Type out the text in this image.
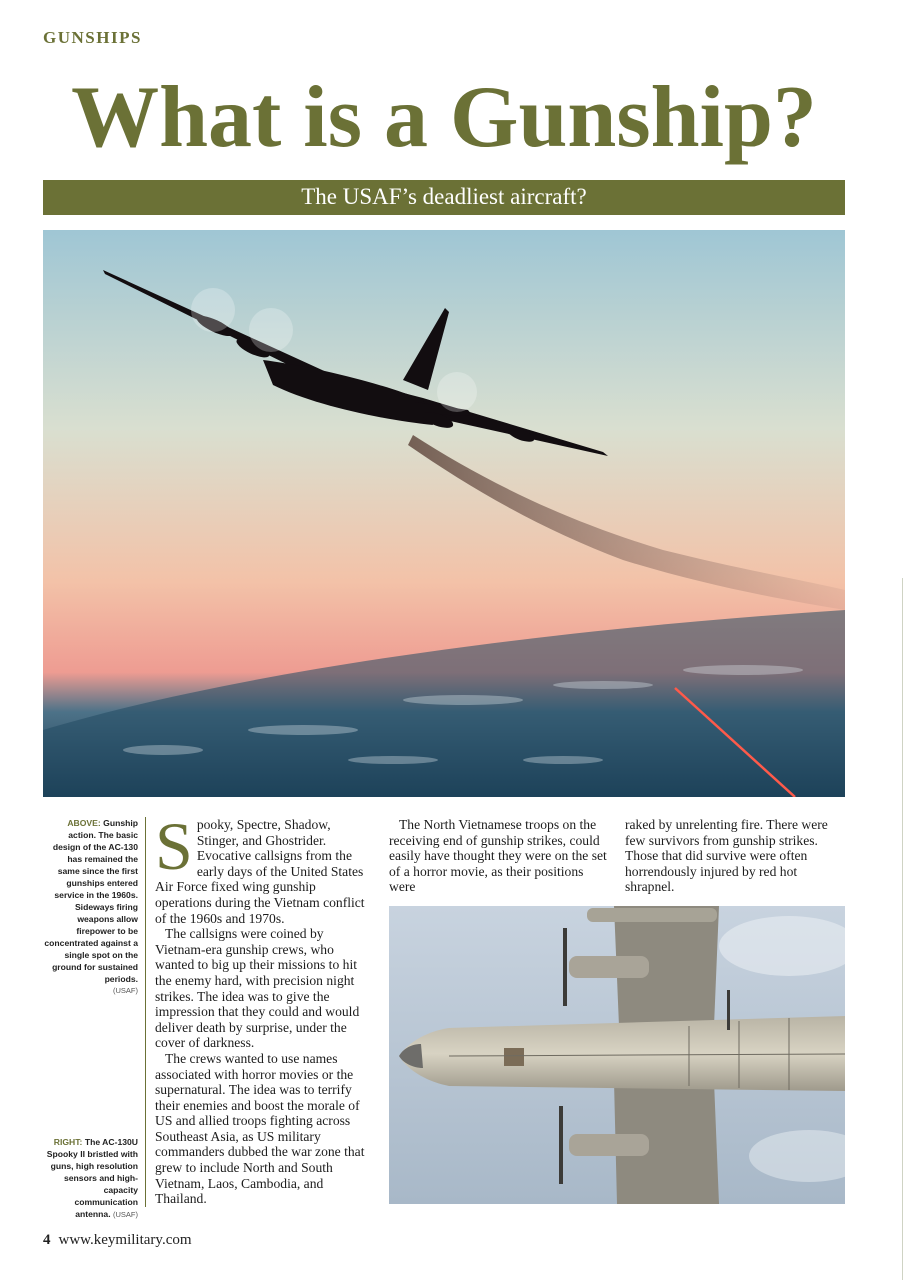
GUNSHIPS
What is a Gunship?
The USAF’s deadliest aircraft?
ABOVE: Gunship action. The basic design of the AC-130 has remained the same since the first gunships entered service in the 1960s. Sideways firing weapons allow firepower to be concentrated against a single spot on the ground for sustained periods.
(USAF)
RIGHT: The AC-130U Spooky II bristled with guns, high resolution sensors and high-capacity communication antenna. (USAF)

Spooky, Spectre, Shadow, Stinger, and Ghostrider. Evocative callsigns from the early days of the United States Air Force fixed wing gunship operations during the Vietnam conflict of the 1960s and 1970s.

The callsigns were coined by Vietnam-era gunship crews, who wanted to big up their missions to hit the enemy hard, with precision night strikes. The idea was to give the impression that they could and would deliver death by surprise, under the cover of darkness.

The crews wanted to use names associated with horror movies or the supernatural. The idea was to terrify their enemies and boost the morale of US and allied troops fighting across Southeast Asia, as US military commanders dubbed the war zone that grew to include North and South Vietnam, Laos, Cambodia, and Thailand.

The North Vietnamese troops on the receiving end of gunship strikes, could easily have thought they were on the set of a horror movie, as their positions were

raked by unrelenting fire. There were few survivors from gunship strikes. Those that did survive were often horrendously injured by red hot shrapnel.

4 www.keymilitary.com
